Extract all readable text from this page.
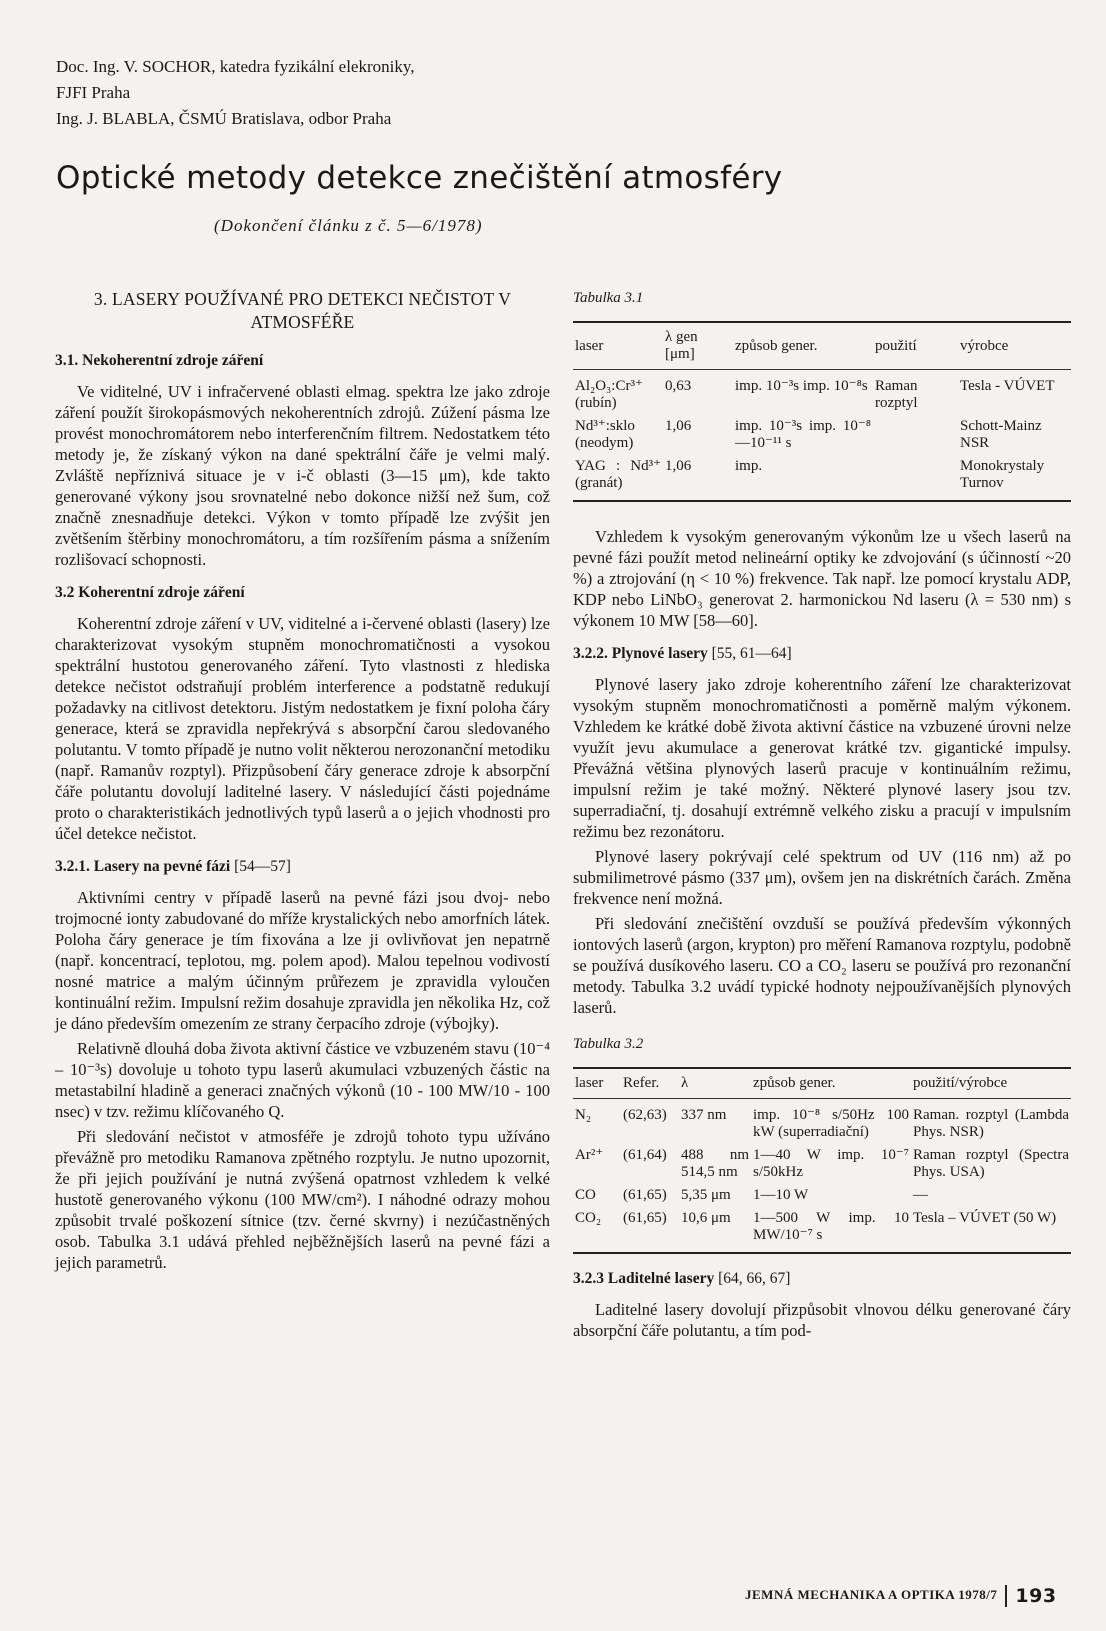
Doc. Ing. V. SOCHOR, katedra fyzikální elekroniky,
FJFI Praha
Ing. J. BLABLA, ČSMÚ Bratislava, odbor Praha
Optické metody detekce znečištění atmosféry
(Dokončení článku z č. 5—6/1978)
3. LASERY POUŽÍVANÉ PRO DETEKCI NEČISTOT V ATMOSFÉŘE
3.1. Nekoherentní zdroje záření

Ve viditelné, UV i infračervené oblasti elmag. spektra lze jako zdroje záření použít širokopásmových nekoherentních zdrojů. Zúžení pásma lze provést monochromátorem nebo interferenčním filtrem. Nedostatkem této metody je, že získaný výkon na dané spektrální čáře je velmi malý. Zvláště nepříznivá situace je v i-č oblasti (3—15 μm), kde takto generované výkony jsou srovnatelné nebo dokonce nižší než šum, což značně znesnadňuje detekci. Výkon v tomto případě lze zvýšit jen zvětšením štěrbiny monochromátoru, a tím rozšířením pásma a snížením rozlišovací schopnosti.

3.2 Koherentní zdroje záření

Koherentní zdroje záření v UV, viditelné a i-červené oblasti (lasery) lze charakterizovat vysokým stupněm monochromatičnosti a vysokou spektrální hustotou generovaného záření. Tyto vlastnosti z hlediska detekce nečistot odstraňují problém interference a podstatně redukují požadavky na citlivost detektoru. Jistým nedostatkem je fixní poloha čáry generace, která se zpravidla nepřekrývá s absorpční čarou sledovaného polutantu. V tomto případě je nutno volit některou nerozonanční metodiku (např. Ramanův rozptyl). Přizpůsobení čáry generace zdroje k absorpční čáře polutantu dovolují laditelné lasery. V následující části pojednáme proto o charakteristikách jednotlivých typů laserů a o jejich vhodnosti pro účel detekce nečistot.

3.2.1. Lasery na pevné fázi [54—57]

Aktivními centry v případě laserů na pevné fázi jsou dvoj- nebo trojmocné ionty zabudované do mříže krystalických nebo amorfních látek. Poloha čáry generace je tím fixována a lze ji ovlivňovat jen nepatrně (např. koncentrací, teplotou, mg. polem apod). Malou tepelnou vodivostí nosné matrice a malým účinným průřezem je zpravidla vyloučen kontinuální režim. Impulsní režim dosahuje zpravidla jen několika Hz, což je dáno především omezením ze strany čerpacího zdroje (výbojky).

Relativně dlouhá doba života aktivní částice ve vzbuzeném stavu (10⁻⁴ – 10⁻³s) dovoluje u tohoto typu laserů akumulaci vzbuzených částic na metastabilní hladině a generaci značných výkonů (10 - 100 MW/10 - 100 nsec) v tzv. režimu klíčovaného Q.

Při sledování nečistot v atmosféře je zdrojů tohoto typu užíváno převážně pro metodiku Ramanova zpětného rozptylu. Je nutno upozornit, že při jejich používání je nutná zvýšená opatrnost vzhledem k velké hustotě generovaného výkonu (100 MW/cm²). I náhodné odrazy mohou způsobit trvalé poškození sítnice (tzv. černé skvrny) i nezúčastněných osob. Tabulka 3.1 udává přehled nejběžnějších laserů na pevné fázi a jejich parametrů.

Tabulka 3.1
laser	λ gen [μm]	způsob gener.	použití	výrobce
Al₂O₃:Cr³⁺ (rubín)	0,63	imp. 10⁻³s imp. 10⁻⁸s	Raman rozptyl	Tesla - VÚVET
Nd³⁺:sklo (neodym)	1,06	imp. 10⁻³s imp. 10⁻⁸—10⁻¹¹ s		Schott-Mainz NSR
YAG : Nd³⁺ (granát)	1,06	imp.		Monokrystaly Turnov

Vzhledem k vysokým generovaným výkonům lze u všech laserů na pevné fázi použít metod nelineární optiky ke zdvojování (s účinností ~20 %) a ztrojování (η < 10 %) frekvence. Tak např. lze pomocí krystalu ADP, KDP nebo LiNbO₃ generovat 2. harmonickou Nd laseru (λ = 530 nm) s výkonem 10 MW [58—60].

3.2.2. Plynové lasery [55, 61—64]

Plynové lasery jako zdroje koherentního záření lze charakterizovat vysokým stupněm monochromatičnosti a poměrně malým výkonem. Vzhledem ke krátké době života aktivní částice na vzbuzené úrovni nelze využít jevu akumulace a generovat krátké tzv. gigantické impulsy. Převážná většina plynových laserů pracuje v kontinuálním režimu, impulsní režim je také možný. Některé plynové lasery jsou tzv. superradiační, tj. dosahují extrémně velkého zisku a pracují v impulsním režimu bez rezonátoru.

Plynové lasery pokrývají celé spektrum od UV (116 nm) až po submilimetrové pásmo (337 μm), ovšem jen na diskrétních čarách. Změna frekvence není možná.

Při sledování znečištění ovzduší se používá především výkonných iontových laserů (argon, krypton) pro měření Ramanova rozptylu, podobně se používá dusíkového laseru. CO a CO₂ laseru se používá pro rezonanční metody. Tabulka 3.2 uvádí typické hodnoty nejpoužívanějších plynových laserů.

Tabulka 3.2
laser	Refer.	λ	způsob gener.	použití/výrobce
N₂	(62,63)	337 nm	imp. 10⁻⁸ s/50Hz 100 kW (superradiační)	Raman. rozptyl (Lambda Phys. NSR)
Ar²⁺	(61,64)	488 nm 514,5 nm	1—40 W imp. 10⁻⁷ s/50kHz	Raman rozptyl (Spectra Phys. USA)
CO	(61,65)	5,35 μm	1—10 W	—
CO₂	(61,65)	10,6 μm	1—500 W imp. 10 MW/10⁻⁷ s	Tesla – VÚVET (50 W)
3.2.3 Laditelné lasery [64, 66, 67]

Laditelné lasery dovolují přizpůsobit vlnovou délku generované čáry absorpční čáře polutantu, a tím pod-

JEMNÁ MECHANIKA A OPTIKA 1978/7 193
